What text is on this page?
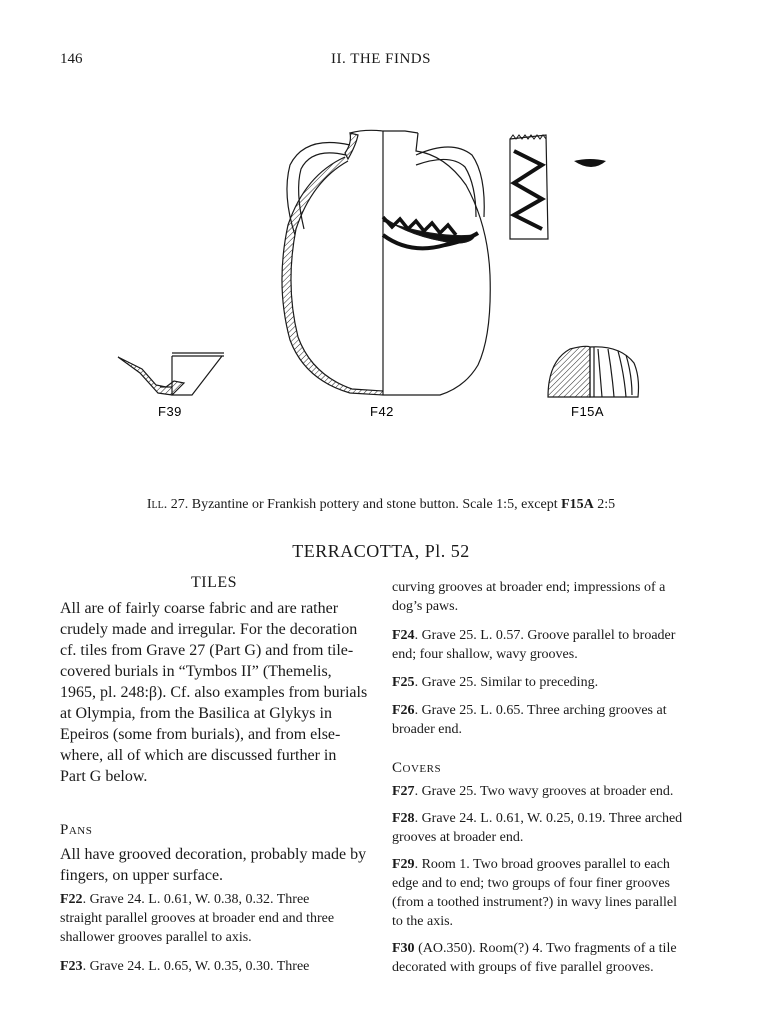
146	II. THE FINDS
F39	F42	F15A
Ill. 27. Byzantine or Frankish pottery and stone button. Scale 1:5, except F15A 2:5
TERRACOTTA, Pl. 52
TILES
All are of fairly coarse fabric and are rather
crudely made and irregular. For the decoration
cf. tiles from Grave 27 (Part G) and from tile-
covered burials in “Tymbos II” (Themelis,
1965, pl. 248:β). Cf. also examples from burials
at Olympia, from the Basilica at Glykys in
Epeiros (some from burials), and from else-
where, all of which are discussed further in
Part G below.
Pans
All have grooved decoration, probably made by
fingers, on upper surface.
F22. Grave 24. L. 0.61, W. 0.38, 0.32. Three
straight parallel grooves at broader end and three
shallower grooves parallel to axis.
F23. Grave 24. L. 0.65, W. 0.35, 0.30. Three
curving grooves at broader end; impressions of a
dog’s paws.
F24. Grave 25. L. 0.57. Groove parallel to broader
end; four shallow, wavy grooves.
F25. Grave 25. Similar to preceding.
F26. Grave 25. L. 0.65. Three arching grooves at
broader end.
Covers
F27. Grave 25. Two wavy grooves at broader end.
F28. Grave 24. L. 0.61, W. 0.25, 0.19. Three arched
grooves at broader end.
F29. Room 1. Two broad grooves parallel to each
edge and to end; two groups of four finer grooves
(from a toothed instrument?) in wavy lines parallel
to the axis.
F30 (AO.350). Room(?) 4. Two fragments of a tile
decorated with groups of five parallel grooves.
